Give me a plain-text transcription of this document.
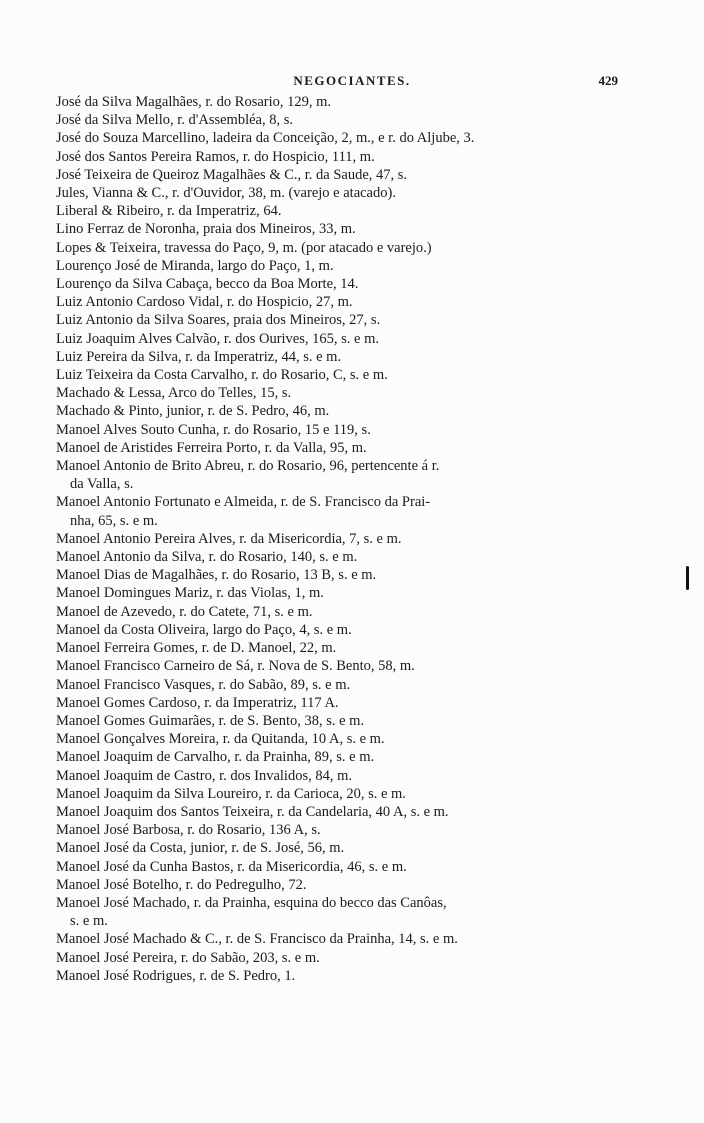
NEGOCIANTES.	429
José da Silva Magalhães, r. do Rosario, 129, m.
José da Silva Mello, r. d'Assembléa, 8, s.
José do Souza Marcellino, ladeira da Conceição, 2, m., e r. do Aljube, 3.
José dos Santos Pereira Ramos, r. do Hospicio, 111, m.
José Teixeira de Queiroz Magalhães & C., r. da Saude, 47, s.
Jules, Vianna & C., r. d'Ouvidor, 38, m. (varejo e atacado).
Liberal & Ribeiro, r. da Imperatriz, 64.
Lino Ferraz de Noronha, praia dos Mineiros, 33, m.
Lopes & Teixeira, travessa do Paço, 9, m. (por atacado e varejo.)
Lourenço José de Miranda, largo do Paço, 1, m.
Lourenço da Silva Cabaça, becco da Boa Morte, 14.
Luiz Antonio Cardoso Vidal, r. do Hospicio, 27, m.
Luiz Antonio da Silva Soares, praia dos Mineiros, 27, s.
Luiz Joaquim Alves Calvão, r. dos Ourives, 165, s. e m.
Luiz Pereira da Silva, r. da Imperatriz, 44, s. e m.
Luiz Teixeira da Costa Carvalho, r. do Rosario, C, s. e m.
Machado & Lessa, Arco do Telles, 15, s.
Machado & Pinto, junior, r. de S. Pedro, 46, m.
Manoel Alves Souto Cunha, r. do Rosario, 15 e 119, s.
Manoel de Aristides Ferreira Porto, r. da Valla, 95, m.
Manoel Antonio de Brito Abreu, r. do Rosario, 96, pertencente á r.
da Valla, s.
Manoel Antonio Fortunato e Almeida, r. de S. Francisco da Prai-
nha, 65, s. e m.
Manoel Antonio Pereira Alves, r. da Misericordia, 7, s. e m.
Manoel Antonio da Silva, r. do Rosario, 140, s. e m.
Manoel Dias de Magalhães, r. do Rosario, 13 B, s. e m.
Manoel Domingues Mariz, r. das Violas, 1, m.
Manoel de Azevedo, r. do Catete, 71, s. e m.
Manoel da Costa Oliveira, largo do Paço, 4, s. e m.
Manoel Ferreira Gomes, r. de D. Manoel, 22, m.
Manoel Francisco Carneiro de Sá, r. Nova de S. Bento, 58, m.
Manoel Francisco Vasques, r. do Sabão, 89, s. e m.
Manoel Gomes Cardoso, r. da Imperatriz, 117 A.
Manoel Gomes Guimarães, r. de S. Bento, 38, s. e m.
Manoel Gonçalves Moreira, r. da Quitanda, 10 A, s. e m.
Manoel Joaquim de Carvalho, r. da Prainha, 89, s. e m.
Manoel Joaquim de Castro, r. dos Invalidos, 84, m.
Manoel Joaquim da Silva Loureiro, r. da Carioca, 20, s. e m.
Manoel Joaquim dos Santos Teixeira, r. da Candelaria, 40 A, s. e m.
Manoel José Barbosa, r. do Rosario, 136 A, s.
Manoel José da Costa, junior, r. de S. José, 56, m.
Manoel José da Cunha Bastos, r. da Misericordia, 46, s. e m.
Manoel José Botelho, r. do Pedregulho, 72.
Manoel José Machado, r. da Prainha, esquina do becco das Canôas,
s. e m.
Manoel José Machado & C., r. de S. Francisco da Prainha, 14, s. e m.
Manoel José Pereira, r. do Sabão, 203, s. e m.
Manoel José Rodrigues, r. de S. Pedro, 1.
